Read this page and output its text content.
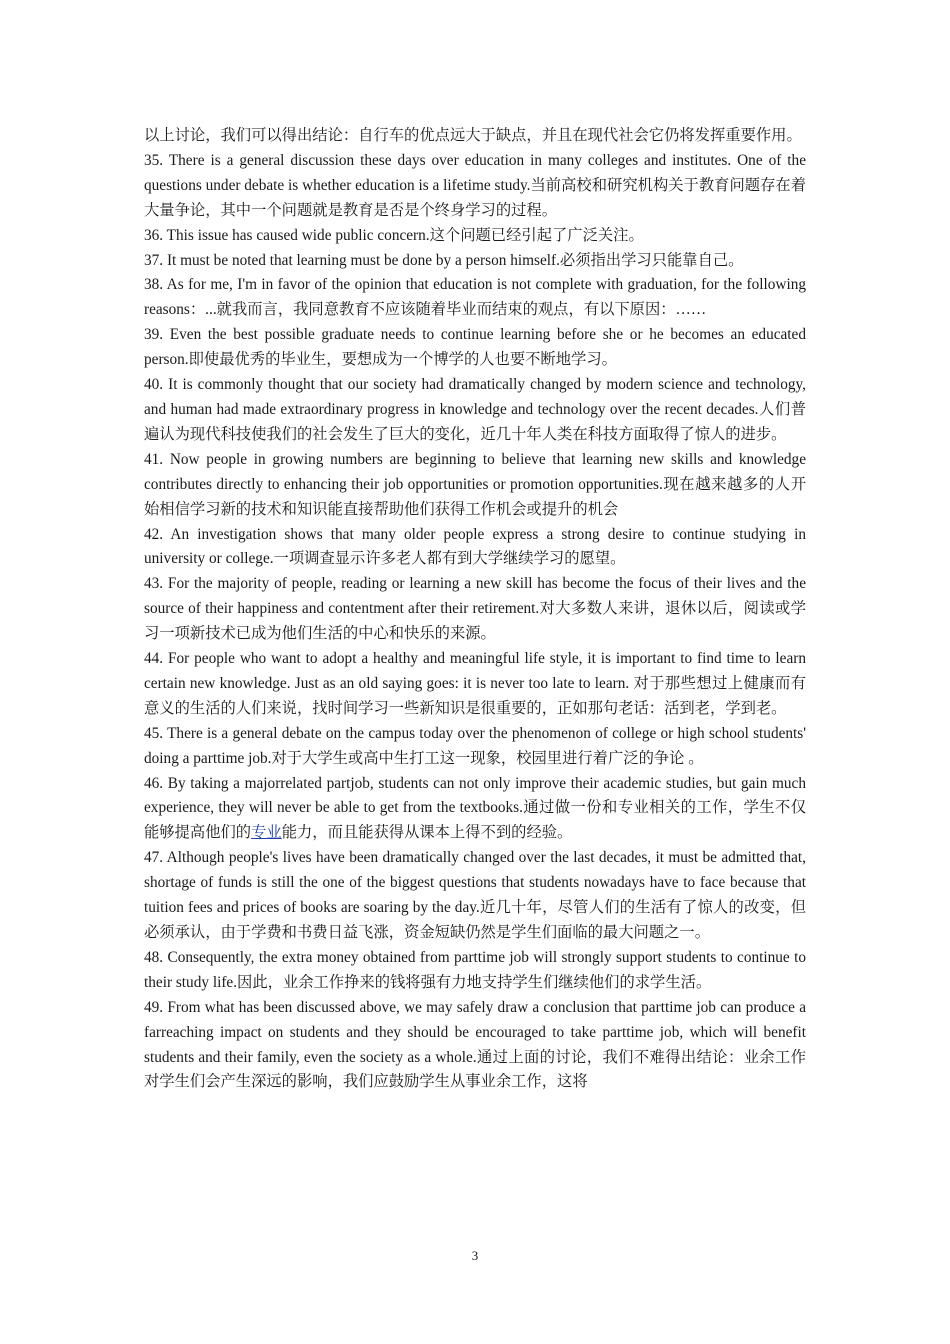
以上讨论，我们可以得出结论：自行车的优点远大于缺点，并且在现代社会它仍将发挥重要作用。

35. There is a general discussion these days over education in many colleges and institutes. One of the questions under debate is whether education is a lifetime study.当前高校和研究机构关于教育问题存在着大量争论，其中一个问题就是教育是否是个终身学习的过程。

36. This issue has caused wide public concern.这个问题已经引起了广泛关注。

37. It must be noted that learning must be done by a person himself.必须指出学习只能靠自己。

38. As for me, I'm in favor of the opinion that education is not complete with graduation, for the following reasons：...就我而言，我同意教育不应该随着毕业而结束的观点，有以下原因：……

39. Even the best possible graduate needs to continue learning before she or he becomes an educated person.即使最优秀的毕业生，要想成为一个博学的人也要不断地学习。

40. It is commonly thought that our society had dramatically changed by modern science and technology, and human had made extraordinary progress in knowledge and technology over the recent decades.人们普遍认为现代科技使我们的社会发生了巨大的变化，近几十年人类在科技方面取得了惊人的进步。

41. Now people in growing numbers are beginning to believe that learning new skills and knowledge contributes directly to enhancing their job opportunities or promotion opportunities.现在越来越多的人开始相信学习新的技术和知识能直接帮助他们获得工作机会或提升的机会

42. An investigation shows that many older people express a strong desire to continue studying in university or college.一项调查显示许多老人都有到大学继续学习的愿望。

43. For the majority of people, reading or learning a new skill has become the focus of their lives and the source of their happiness and contentment after their retirement.对大多数人来讲，退休以后，阅读或学习一项新技术已成为他们生活的中心和快乐的来源。

44. For people who want to adopt a healthy and meaningful life style, it is important to find time to learn certain new knowledge. Just as an old saying goes: it is never too late to learn. 对于那些想过上健康而有意义的生活的人们来说，找时间学习一些新知识是很重要的，正如那句老话：活到老，学到老。

45. There is a general debate on the campus today over the phenomenon of college or high school students' doing a parttime job.对于大学生或高中生打工这一现象，校园里进行着广泛的争论 。

46. By taking a majorrelated partjob, students can not only improve their academic studies, but gain much experience, they will never be able to get from the textbooks.通过做一份和专业相关的工作，学生不仅能够提高他们的专业能力，而且能获得从课本上得不到的经验。

47. Although people's lives have been dramatically changed over the last decades, it must be admitted that, shortage of funds is still the one of the biggest questions that students nowadays have to face because that tuition fees and prices of books are soaring by the day.近几十年，尽管人们的生活有了惊人的改变，但必须承认，由于学费和书费日益飞涨，资金短缺仍然是学生们面临的最大问题之一。

48. Consequently, the extra money obtained from parttime job will strongly support students to continue to their study life.因此，业余工作挣来的钱将强有力地支持学生们继续他们的求学生活。

49. From what has been discussed above, we may safely draw a conclusion that parttime job can produce a farreaching impact on students and they should be encouraged to take parttime job, which will benefit students and their family, even the society as a whole.通过上面的讨论，我们不难得出结论：业余工作对学生们会产生深远的影响，我们应鼓励学生从事业余工作，这将

3
